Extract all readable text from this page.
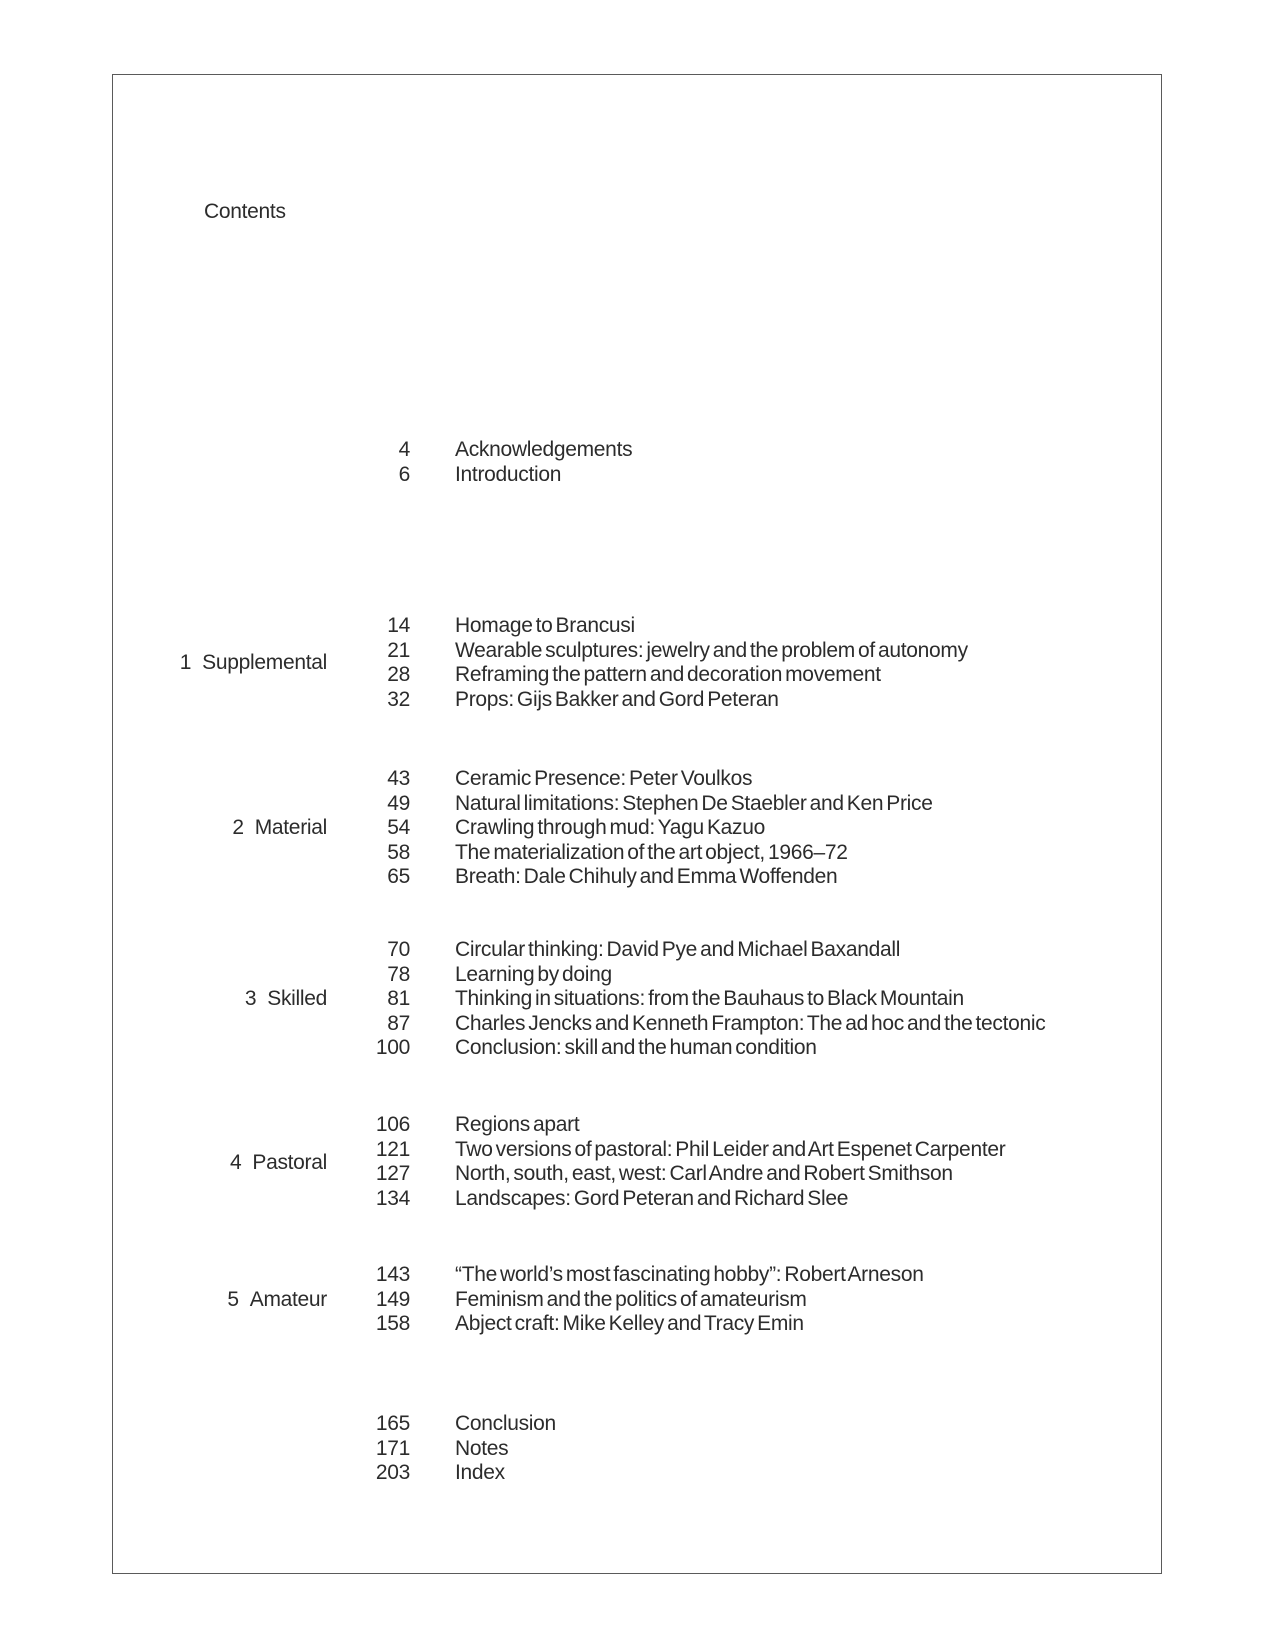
Contents
4 Acknowledgements
6 Introduction
1 Supplemental
14 Homage to Brancusi
21 Wearable sculptures: jewelry and the problem of autonomy
28 Reframing the pattern and decoration movement
32 Props: Gijs Bakker and Gord Peteran
2 Material
43 Ceramic Presence: Peter Voulkos
49 Natural limitations: Stephen De Staebler and Ken Price
54 Crawling through mud: Yagu Kazuo
58 The materialization of the art object, 1966–72
65 Breath: Dale Chihuly and Emma Woffenden
3 Skilled
70 Circular thinking: David Pye and Michael Baxandall
78 Learning by doing
81 Thinking in situations: from the Bauhaus to Black Mountain
87 Charles Jencks and Kenneth Frampton: The ad hoc and the tectonic
100 Conclusion: skill and the human condition
4 Pastoral
106 Regions apart
121 Two versions of pastoral: Phil Leider and Art Espenet Carpenter
127 North, south, east, west: Carl Andre and Robert Smithson
134 Landscapes: Gord Peteran and Richard Slee
5 Amateur
143 “The world’s most fascinating hobby”: Robert Arneson
149 Feminism and the politics of amateurism
158 Abject craft: Mike Kelley and Tracy Emin
165 Conclusion
171 Notes
203 Index
